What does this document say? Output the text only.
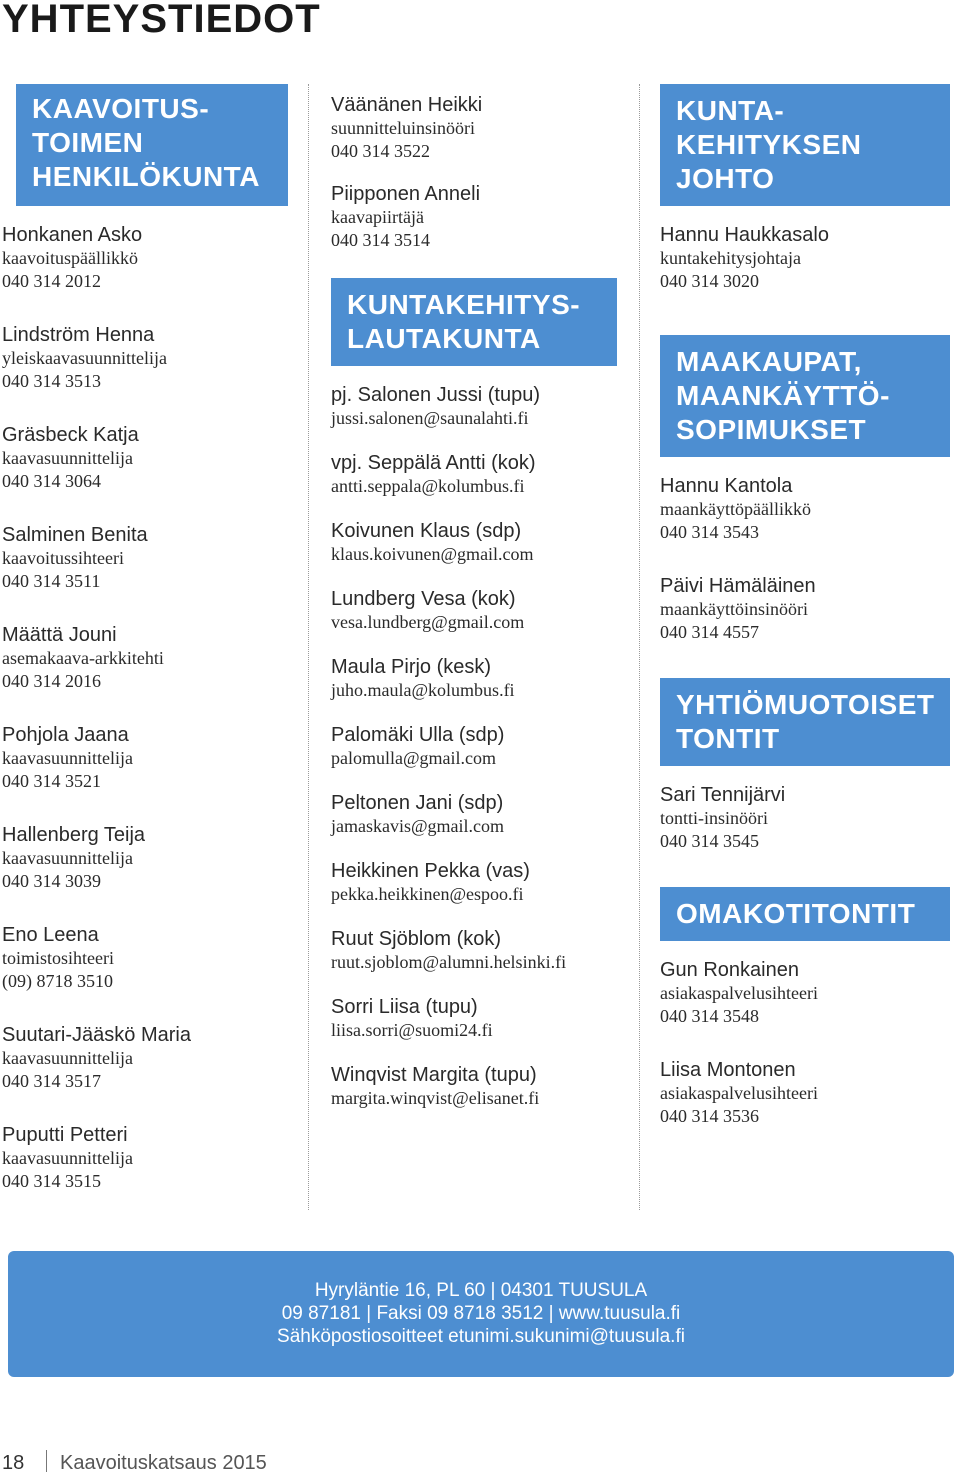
YHTEYSTIEDOT
KAAVOITUS-
TOIMEN
HENKILÖKUNTA
Honkanen Asko
kaavoituspäällikkö
040 314 2012
Lindström Henna
yleiskaavasuunnittelija
040 314 3513
Gräsbeck Katja
kaavasuunnittelija
040 314 3064
Salminen Benita
kaavoitussihteeri
040 314 3511
Määttä Jouni
asemakaava-arkkitehti
040 314 2016
Pohjola Jaana
kaavasuunnittelija
040 314 3521
Hallenberg Teija
kaavasuunnittelija
040 314 3039
Eno Leena
toimistosihteeri
(09) 8718 3510
Suutari-Jääskö Maria
kaavasuunnittelija
040 314 3517
Puputti Petteri
kaavasuunnittelija
040 314 3515
Väänänen Heikki
suunnitteluinsinööri
040 314 3522
Piipponen Anneli
kaavapiirtäjä
040 314 3514
KUNTAKEHITYS-
LAUTAKUNTA
pj. Salonen Jussi (tupu)
jussi.salonen@saunalahti.fi
vpj. Seppälä Antti (kok)
antti.seppala@kolumbus.fi
Koivunen Klaus (sdp)
klaus.koivunen@gmail.com
Lundberg Vesa (kok)
vesa.lundberg@gmail.com
Maula Pirjo (kesk)
juho.maula@kolumbus.fi
Palomäki Ulla (sdp)
palomulla@gmail.com
Peltonen Jani (sdp)
jamaskavis@gmail.com
Heikkinen Pekka (vas)
pekka.heikkinen@espoo.fi
Ruut Sjöblom (kok)
ruut.sjoblom@alumni.helsinki.fi
Sorri Liisa (tupu)
liisa.sorri@suomi24.fi
Winqvist Margita (tupu)
margita.winqvist@elisanet.fi
KUNTA-
KEHITYKSEN
JOHTO
Hannu Haukkasalo
kuntakehitysjohtaja
040 314 3020
MAAKAUPAT,
MAANKÄYTTÖ-
SOPIMUKSET
Hannu Kantola
maankäyttöpäällikkö
040 314 3543
Päivi Hämäläinen
maankäyttöinsinööri
040 314 4557
YHTIÖMUOTOISET
TONTIT
Sari Tennijärvi
tontti-insinööri
040 314 3545
OMAKOTITONTIT
Gun Ronkainen
asiakaspalvelusihteeri
040 314 3548
Liisa Montonen
asiakaspalvelusihteeri
040 314 3536
Hyryläntie 16, PL 60 | 04301 TUUSULA
09 87181 | Faksi 09 8718 3512 | www.tuusula.fi
Sähköpostiosoitteet etunimi.sukunimi@tuusula.fi
18 Kaavoituskatsaus 2015
